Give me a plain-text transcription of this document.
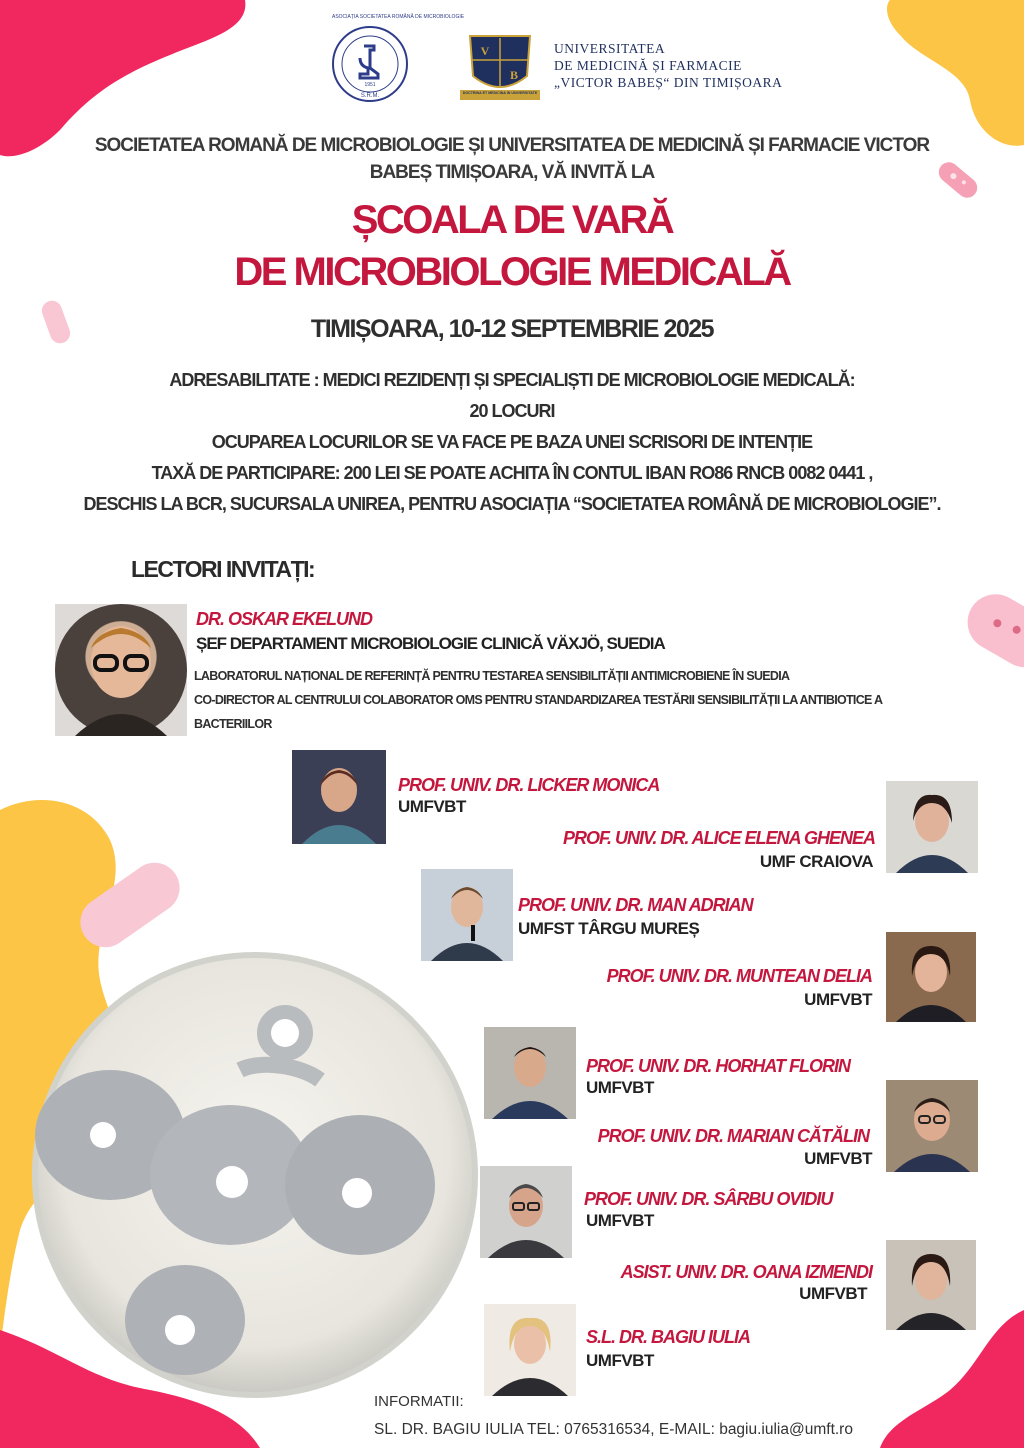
1951
S.R.M.
ASOCIAȚIA SOCIETATEA ROMÂNĂ DE MICROBIOLOGIE
V
B
DOCTRINA ET MEDICINA IN UNIVERSITATE
UNIVERSITATEA
DE MEDICINĂ ȘI FARMACIE
„VICTOR BABEȘ“ DIN TIMIȘOARA
SOCIETATEA ROMANĂ DE MICROBIOLOGIE ȘI UNIVERSITATEA DE MEDICINĂ ȘI FARMACIE VICTOR
BABEȘ TIMIȘOARA, VĂ INVITĂ LA
ȘCOALA DE VARĂ
DE MICROBIOLOGIE MEDICALĂ
TIMIȘOARA, 10-12 SEPTEMBRIE 2025
ADRESABILITATE : MEDICI REZIDENȚI ȘI SPECIALIȘTI DE MICROBIOLOGIE MEDICALĂ:
20 LOCURI
OCUPAREA LOCURILOR SE VA FACE PE BAZA UNEI SCRISORI DE INTENȚIE
TAXĂ DE PARTICIPARE: 200 LEI SE POATE ACHITA ÎN CONTUL IBAN RO86 RNCB 0082 0441 ,
DESCHIS LA BCR, SUCURSALA UNIREA, PENTRU ASOCIAȚIA “SOCIETATEA ROMÂNĂ DE MICROBIOLOGIE”.
LECTORI INVITAȚI:
DR. OSKAR EKELUND
ȘEF DEPARTAMENT MICROBIOLOGIE CLINICĂ VÄXJÖ, SUEDIA
LABORATORUL NAȚIONAL DE REFERINȚĂ PENTRU TESTAREA SENSIBILITĂȚII ANTIMICROBIENE ÎN SUEDIA
CO-DIRECTOR AL CENTRULUI COLABORATOR OMS PENTRU STANDARDIZAREA TESTĂRII SENSIBILITĂȚII LA ANTIBIOTICE A
BACTERIILOR
PROF. UNIV. DR. LICKER MONICA
UMFVBT
PROF. UNIV. DR. ALICE ELENA GHENEA
UMF CRAIOVA
PROF. UNIV. DR. MAN ADRIAN
UMFST TÂRGU MUREȘ
PROF. UNIV. DR. MUNTEAN DELIA
UMFVBT
PROF. UNIV. DR. HORHAT FLORIN
UMFVBT
PROF. UNIV. DR. MARIAN CĂTĂLIN
UMFVBT
PROF. UNIV. DR. SÂRBU OVIDIU
UMFVBT
ASIST. UNIV. DR. OANA IZMENDI
UMFVBT
S.L. DR. BAGIU IULIA
UMFVBT
INFORMATII:
SL. DR. BAGIU IULIA TEL: 0765316534, E-MAIL: bagiu.iulia@umft.ro
